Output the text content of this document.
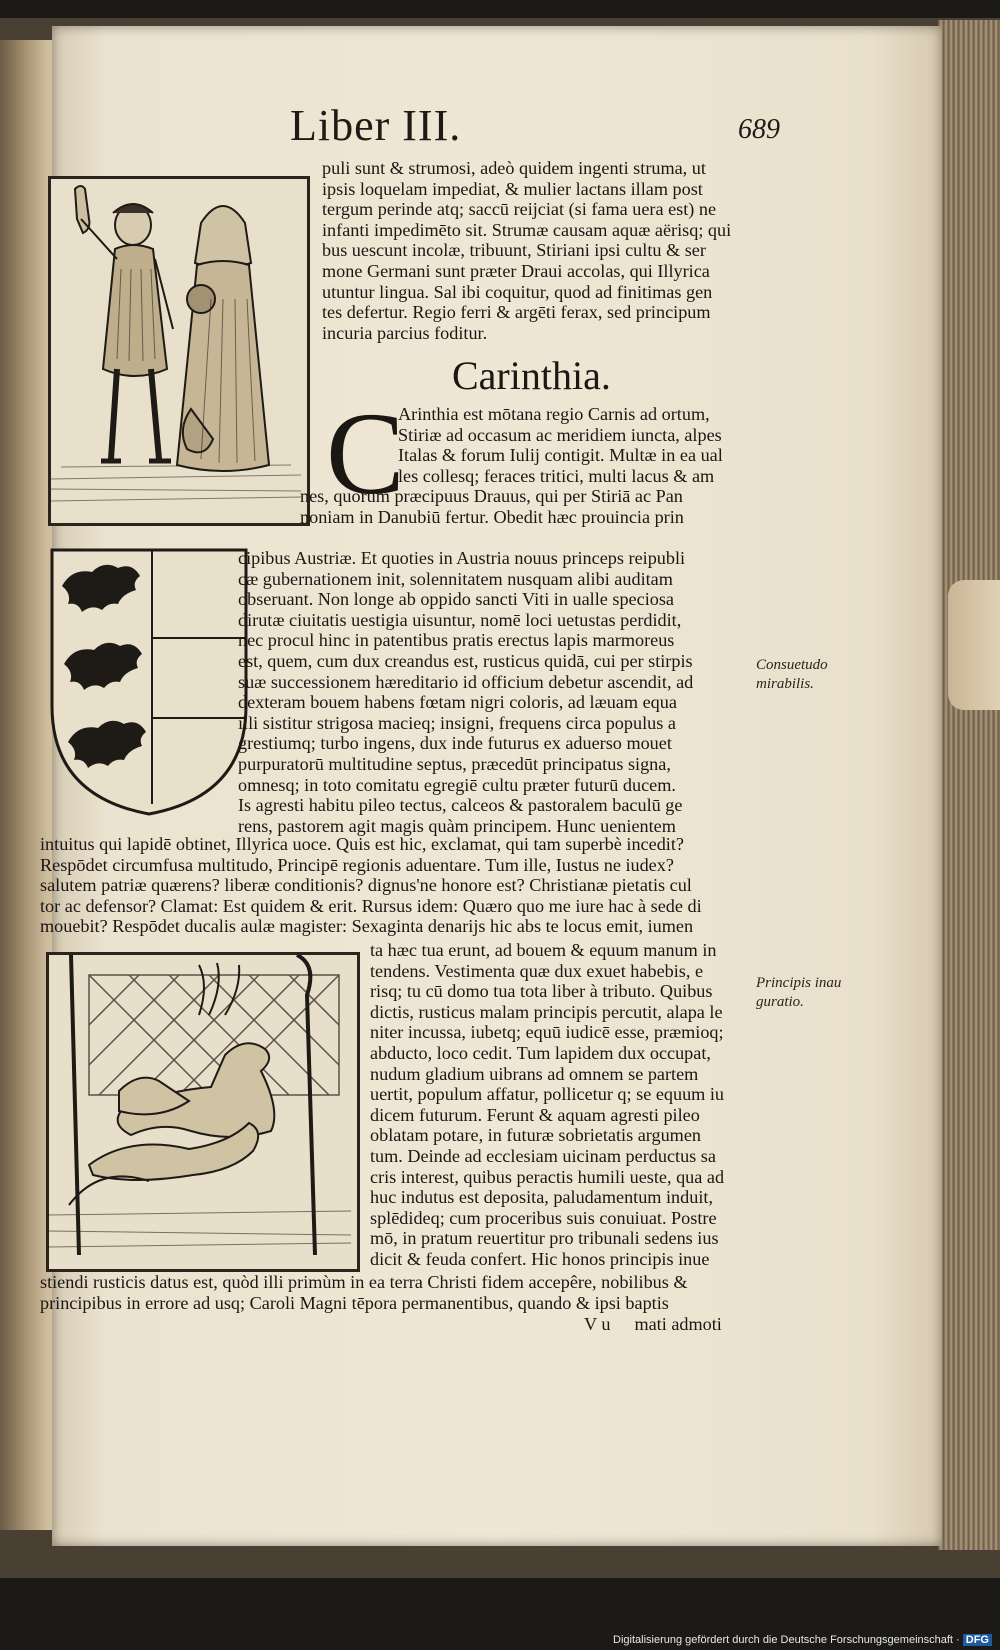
Liber III.	689
puli sunt & strumosi, adeò quidem ingenti struma, ut
ipsis loquelam impediat, & mulier lactans illam post
tergum perinde atq; saccū reijciat (si fama uera est) ne
infanti impedimēto sit. Strumæ causam aquæ aërisq; qui
bus uescunt incolæ, tribuunt, Stiriani ipsi cultu & ser
mone Germani sunt præter Draui accolas, qui Illyrica
utuntur lingua. Sal ibi coquitur, quod ad finitimas gen
tes defertur. Regio ferri & argēti ferax, sed principum
incuria parcius foditur.
Carinthia.
C
Arinthia est mōtana regio Carnis ad ortum,
Stiriæ ad occasum ac meridiem iuncta, alpes
Italas & forum Iulij contigit. Multæ in ea ual
les collesq; feraces tritici, multi lacus & am
nes, quorum præcipuus Drauus, qui per Stiriā ac Pan
noniam in Danubiū fertur. Obedit hæc prouincia prin
cipibus Austriæ. Et quoties in Austria nouus princeps reipubli
cæ gubernationem init, solennitatem nusquam alibi auditam
obseruant. Non longe ab oppido sancti Viti in ualle speciosa
dirutæ ciuitatis uestigia uisuntur, nomē loci uetustas perdidit,
nec procul hinc in patentibus pratis erectus lapis marmoreus
est, quem, cum dux creandus est, rusticus quidā, cui per stirpis
suæ successionem hæreditario id officium debetur ascendit, ad
dexteram bouem habens fœtam nigri coloris, ad læuam equa
illi sistitur strigosa macieq; insigni, frequens circa populus a
grestiumq; turbo ingens, dux inde futurus ex aduerso mouet
purpuratorū multitudine septus, præcedūt principatus signa,
omnesq; in toto comitatu egregiē cultu præter futurū ducem.
Is agresti habitu pileo tectus, calceos & pastoralem baculū ge
rens, pastorem agit magis quàm principem. Hunc uenientem
Consuetudo
mirabilis.
intuitus qui lapidē obtinet, Illyrica uoce. Quis est hic, exclamat, qui tam superbè incedit?
Respōdet circumfusa multitudo, Principē regionis aduentare. Tum ille, Iustus ne iudex?
salutem patriæ quærens? liberæ conditionis? dignus'ne honore est? Christianæ pietatis cul
tor ac defensor? Clamat: Est quidem & erit. Rursus idem: Quæro quo me iure hac à sede di
mouebit? Respōdet ducalis aulæ magister: Sexaginta denarijs hic abs te locus emit, iumen
ta hæc tua erunt, ad bouem & equum manum in
tendens. Vestimenta quæ dux exuet habebis, e
risq; tu cū domo tua tota liber à tributo. Quibus
dictis, rusticus malam principis percutit, alapa le
niter incussa, iubetq; equū iudicē esse, præmioq;
abducto, loco cedit. Tum lapidem dux occupat,
nudum gladium uibrans ad omnem se partem
uertit, populum affatur, pollicetur q; se equum iu
dicem futurum. Ferunt & aquam agresti pileo
oblatam potare, in futuræ sobrietatis argumen
tum. Deinde ad ecclesiam uicinam perductus sa
cris interest, quibus peractis humili ueste, qua ad
huc indutus est deposita, paludamentum induit,
splēdideq; cum proceribus suis conuiuat. Postre
mō, in pratum reuertitur pro tribunali sedens ius
dicit & feuda confert. Hic honos principis inue
Principis inau
guratio.
stiendi rusticis datus est, quòd illi primùm in ea terra Christi fidem accepêre, nobilibus &
principibus in errore ad usq; Caroli Magni tēpora permanentibus, quando & ipsi baptis
V u mati admoti
Digitalisierung gefördert durch die Deutsche Forschungsgemeinschaft · DFG
